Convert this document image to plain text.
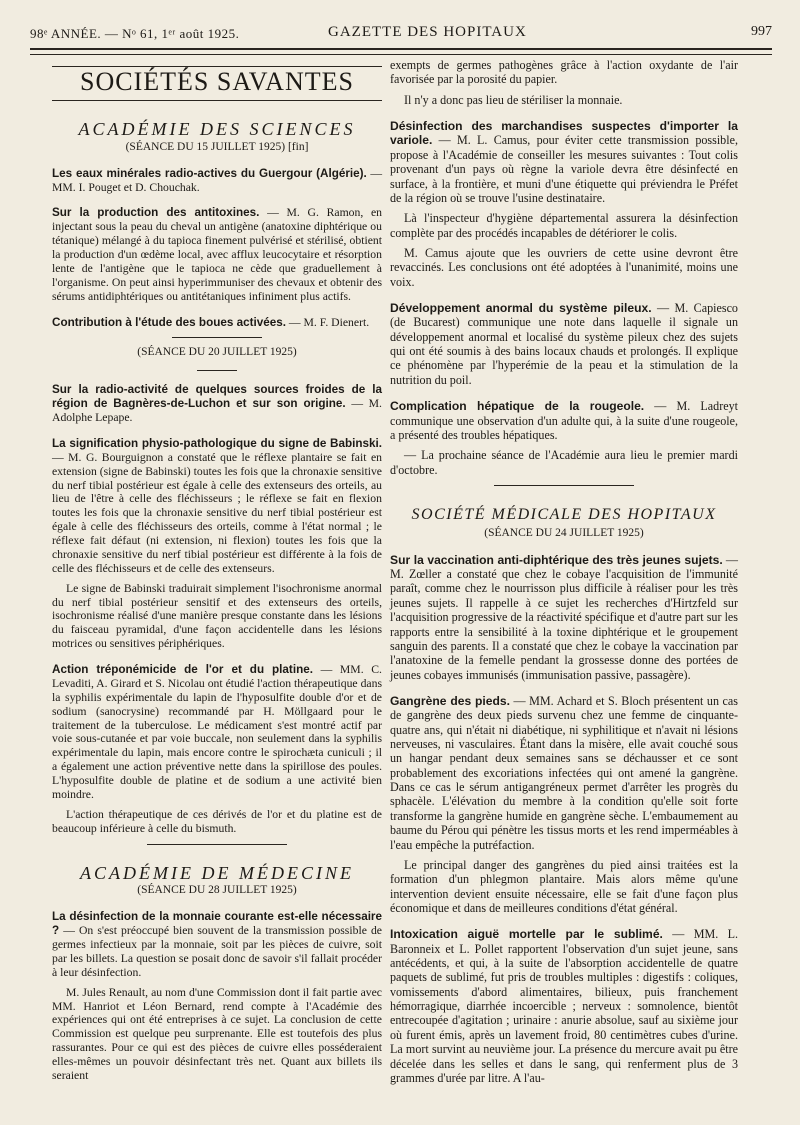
98ᵉ ANNÉE. — Nᵒ 61, 1ᵉʳ août 1925.	GAZETTE DES HOPITAUX	997
SOCIÉTÉS SAVANTES
ACADÉMIE DES SCIENCES
(SÉANCE DU 15 JUILLET 1925) [fin]

Les eaux minérales radio-actives du Guergour (Algérie). — MM. I. Pouget et D. Chouchak.

Sur la production des antitoxines. — M. G. Ramon, en injectant sous la peau du cheval un antigène (anatoxine diphtérique ou tétanique) mélangé à du tapioca finement pulvérisé et stérilisé, obtient la production d'un œdème local, avec afflux leucocytaire et résorption lente de l'antigène que le tapioca ne cède que graduellement à l'organisme. On peut ainsi hyperimmuniser des chevaux et obtenir des sérums antidiphtériques ou antitétaniques infiniment plus actifs.

Contribution à l'étude des boues activées. — M. F. Dienert.

(SÉANCE DU 20 JUILLET 1925)

Sur la radio-activité de quelques sources froides de la région de Bagnères-de-Luchon et sur son origine. — M. Adolphe Lepape.

La signification physio-pathologique du signe de Babinski. — M. G. Bourguignon a constaté que le réflexe plantaire se fait en extension (signe de Babinski) toutes les fois que la chronaxie sensitive du nerf tibial postérieur est égale à celle des extenseurs des orteils, au lieu de l'être à celle des fléchisseurs ; le réflexe se fait en flexion toutes les fois que la chronaxie sensitive du nerf tibial postérieur est égale à celle des fléchisseurs des orteils, comme à l'état normal ; le réflexe fait défaut (ni extension, ni flexion) toutes les fois que la chronaxie sensitive du nerf tibial postérieur est différente à la fois de celle des fléchisseurs et de celle des extenseurs.

Le signe de Babinski traduirait simplement l'isochronisme anormal du nerf tibial postérieur sensitif et des extenseurs des orteils, isochronisme réalisé d'une manière presque constante dans les lésions du faisceau pyramidal, d'une façon accidentelle dans les lésions motrices ou sensitives périphériques.

Action tréponémicide de l'or et du platine. — MM. C. Levaditi, A. Girard et S. Nicolau ont étudié l'action thérapeutique dans la syphilis expérimentale du lapin de l'hyposulfite double d'or et de sodium (sanocrysine) recommandé par H. Möllgaard pour le traitement de la tuberculose. Le médicament s'est montré actif par voie sous-cutanée et par voie buccale, non seulement dans la syphilis expérimentale du lapin, mais encore contre le spirochæta cuniculi ; il a également une action préventive nette dans la spirillose des poules. L'hyposulfite double de platine et de sodium a une activité bien moindre.

L'action thérapeutique de ces dérivés de l'or et du platine est de beaucoup inférieure à celle du bismuth.

ACADÉMIE DE MÉDECINE
(SÉANCE DU 28 JUILLET 1925)

La désinfection de la monnaie courante est-elle nécessaire ? — On s'est préoccupé bien souvent de la transmission possible de germes infectieux par la monnaie, soit par les pièces de cuivre, soit par les billets. La question se posait donc de savoir s'il fallait procéder à leur désinfection.

M. Jules Renault, au nom d'une Commission dont il fait partie avec MM. Hanriot et Léon Bernard, rend compte à l'Académie des expériences qui ont été entreprises à ce sujet. La conclusion de cette Commission est quelque peu surprenante. Elle est toutefois des plus rassurantes. Pour ce qui est des pièces de cuivre elles posséderaient elles-mêmes un pouvoir désinfectant très net. Quant aux billets ils seraient

exempts de germes pathogènes grâce à l'action oxydante de l'air favorisée par la porosité du papier.

Il n'y a donc pas lieu de stériliser la monnaie.

Désinfection des marchandises suspectes d'importer la variole. — M. L. Camus, pour éviter cette transmission possible, propose à l'Académie de conseiller les mesures suivantes : Tout colis provenant d'un pays où règne la variole devra être désinfecté en surface, à la frontière, et muni d'une étiquette qui préviendra le Préfet de la région où se trouve l'usine destinataire.

Là l'inspecteur d'hygiène départemental assurera la désinfection complète par des procédés incapables de détériorer le colis.

M. Camus ajoute que les ouvriers de cette usine devront être revaccinés. Les conclusions ont été adoptées à l'unanimité, moins une voix.

Développement anormal du système pileux. — M. Capiesco (de Bucarest) communique une note dans laquelle il signale un développement anormal et localisé du système pileux chez des sujets qui ont été soumis à des bains locaux chauds et prolongés. Il explique ce phénomène par l'hyperémie de la peau et la stimulation de la nutrition du poil.

Complication hépatique de la rougeole. — M. Ladreyt communique une observation d'un adulte qui, à la suite d'une rougeole, a présenté des troubles hépatiques.

— La prochaine séance de l'Académie aura lieu le premier mardi d'octobre.

SOCIÉTÉ MÉDICALE DES HOPITAUX
(SÉANCE DU 24 JUILLET 1925)

Sur la vaccination anti-diphtérique des très jeunes sujets. — M. Zœller a constaté que chez le cobaye l'acquisition de l'immunité paraît, comme chez le nourrisson plus difficile à réaliser pour les très jeunes sujets. Il rappelle à ce sujet les recherches d'Hirtzfeld sur l'acquisition progressive de la réactivité spécifique et d'autre part sur les rapports entre la sensibilité à la toxine diphtérique et le groupement sanguin des parents. Il a constaté que chez le cobaye la vaccination par l'anatoxine de la femelle pendant la grossesse donne des portées de jeunes cobayes immunisés (immunisation passive, passagère).

Gangrène des pieds. — MM. Achard et S. Bloch présentent un cas de gangrène des deux pieds survenu chez une femme de cinquante-quatre ans, qui n'était ni diabétique, ni syphilitique et n'avait ni lésions nerveuses, ni vasculaires. Étant dans la misère, elle avait couché sous un hangar pendant deux semaines sans se déchausser et ce sont probablement des excoriations infectées qui ont amené la gangrène. Dans ce cas le sérum antigangréneux permet d'arrêter les progrès du sphacèle. L'élévation du membre à la condition qu'elle soit forte transforme la gangrène humide en gangrène sèche. L'embaumement au baume du Pérou qui pénètre les tissus morts et les rend imperméables à l'eau empêche la putréfaction.

Le principal danger des gangrènes du pied ainsi traitées est la formation d'un phlegmon plantaire. Mais alors même qu'une intervention devient ensuite nécessaire, elle se fait d'une façon plus économique et dans de meilleures conditions d'état général.

Intoxication aiguë mortelle par le sublimé. — MM. L. Baronneix et L. Pollet rapportent l'observation d'un sujet jeune, sans antécédents, et qui, à la suite de l'absorption accidentelle de quatre paquets de sublimé, fut pris de troubles multiples : digestifs : coliques, vomissements d'abord alimentaires, bilieux, puis franchement hémorragique, diarrhée incoercible ; nerveux : somnolence, bientôt entrecoupée d'agitation ; urinaire : anurie absolue, sauf au sixième jour où furent émis, après un lavement froid, 80 centimètres cubes d'urine. La mort survint au neuvième jour. La présence du mercure avait pu être décelée dans les selles et dans le sang, qui renferment plus de 3 grammes d'urée par litre. A l'au-
